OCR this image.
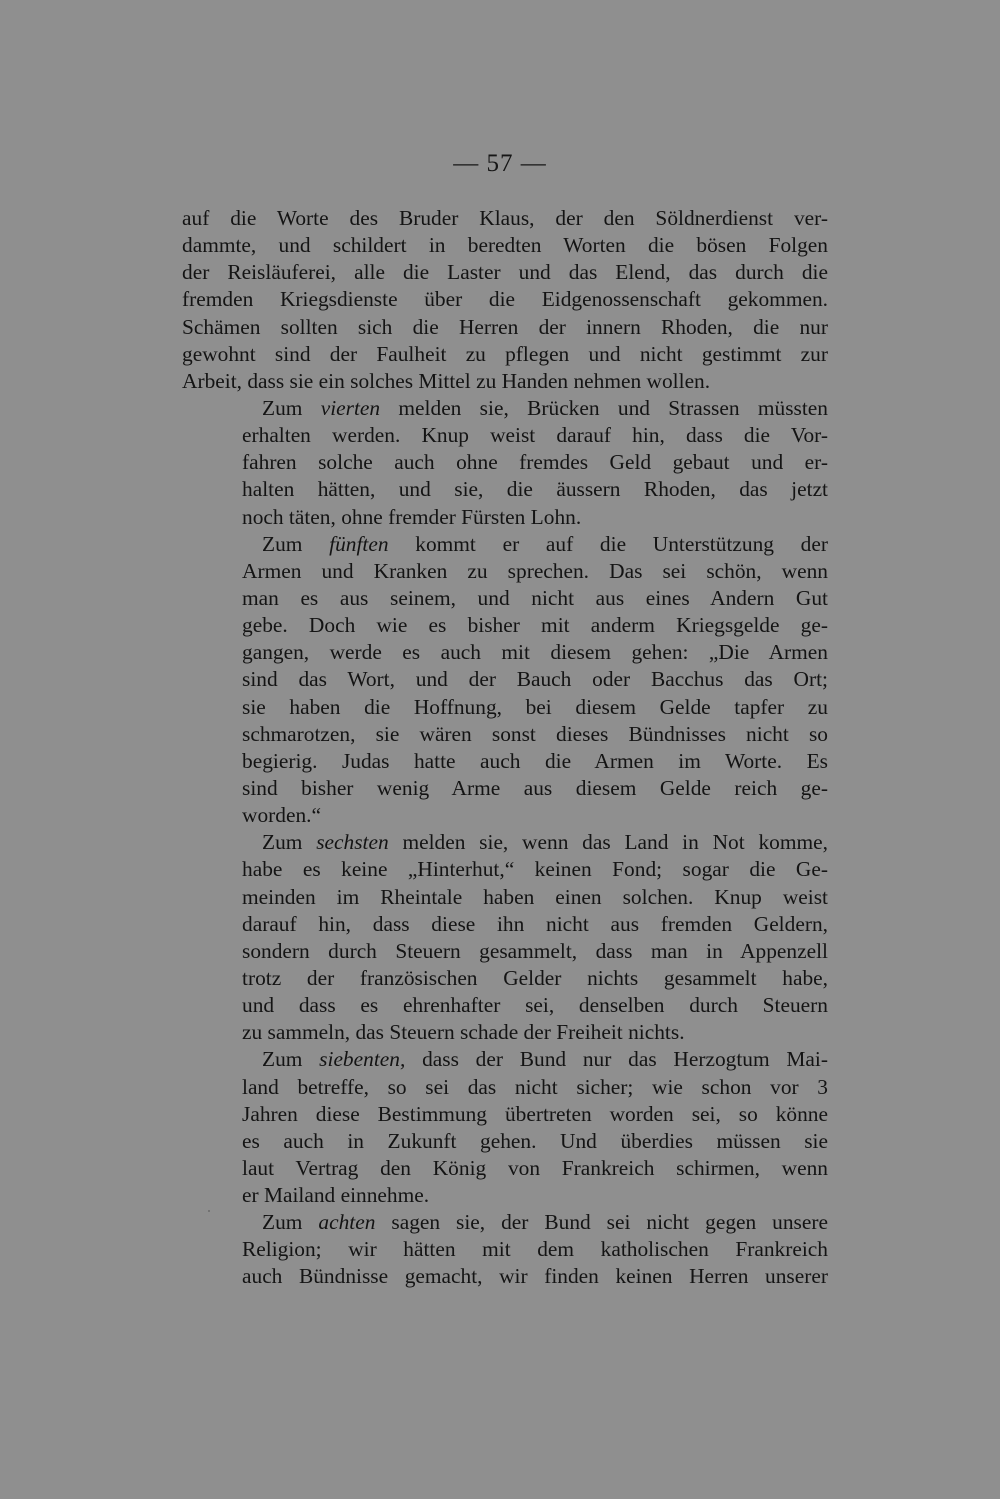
— 57 —
auf die Worte des Bruder Klaus, der den Söldnerdienst ver-
dammte, und schildert in beredten Worten die bösen Folgen
der Reisläuferei, alle die Laster und das Elend, das durch die
fremden Kriegsdienste über die Eidgenossenschaft gekommen.
Schämen sollten sich die Herren der innern Rhoden, die nur
gewohnt sind der Faulheit zu pflegen und nicht gestimmt zur
Arbeit, dass sie ein solches Mittel zu Handen nehmen wollen.
Zum vierten melden sie, Brücken und Strassen müssten
erhalten werden. Knup weist darauf hin, dass die Vor-
fahren solche auch ohne fremdes Geld gebaut und er-
halten hätten, und sie, die äussern Rhoden, das jetzt
noch täten, ohne fremder Fürsten Lohn.
Zum fünften kommt er auf die Unterstützung der
Armen und Kranken zu sprechen. Das sei schön, wenn
man es aus seinem, und nicht aus eines Andern Gut
gebe. Doch wie es bisher mit anderm Kriegsgelde ge-
gangen, werde es auch mit diesem gehen: „Die Armen
sind das Wort, und der Bauch oder Bacchus das Ort;
sie haben die Hoffnung, bei diesem Gelde tapfer zu
schmarotzen, sie wären sonst dieses Bündnisses nicht so
begierig. Judas hatte auch die Armen im Worte. Es
sind bisher wenig Arme aus diesem Gelde reich ge-
worden.“
Zum sechsten melden sie, wenn das Land in Not komme,
habe es keine „Hinterhut,“ keinen Fond; sogar die Ge-
meinden im Rheintale haben einen solchen. Knup weist
darauf hin, dass diese ihn nicht aus fremden Geldern,
sondern durch Steuern gesammelt, dass man in Appenzell
trotz der französischen Gelder nichts gesammelt habe,
und dass es ehrenhafter sei, denselben durch Steuern
zu sammeln, das Steuern schade der Freiheit nichts.
Zum siebenten, dass der Bund nur das Herzogtum Mai-
land betreffe, so sei das nicht sicher; wie schon vor 3
Jahren diese Bestimmung übertreten worden sei, so könne
es auch in Zukunft gehen. Und überdies müssen sie
laut Vertrag den König von Frankreich schirmen, wenn
er Mailand einnehme.
Zum achten sagen sie, der Bund sei nicht gegen unsere
Religion; wir hätten mit dem katholischen Frankreich
auch Bündnisse gemacht, wir finden keinen Herren unserer
